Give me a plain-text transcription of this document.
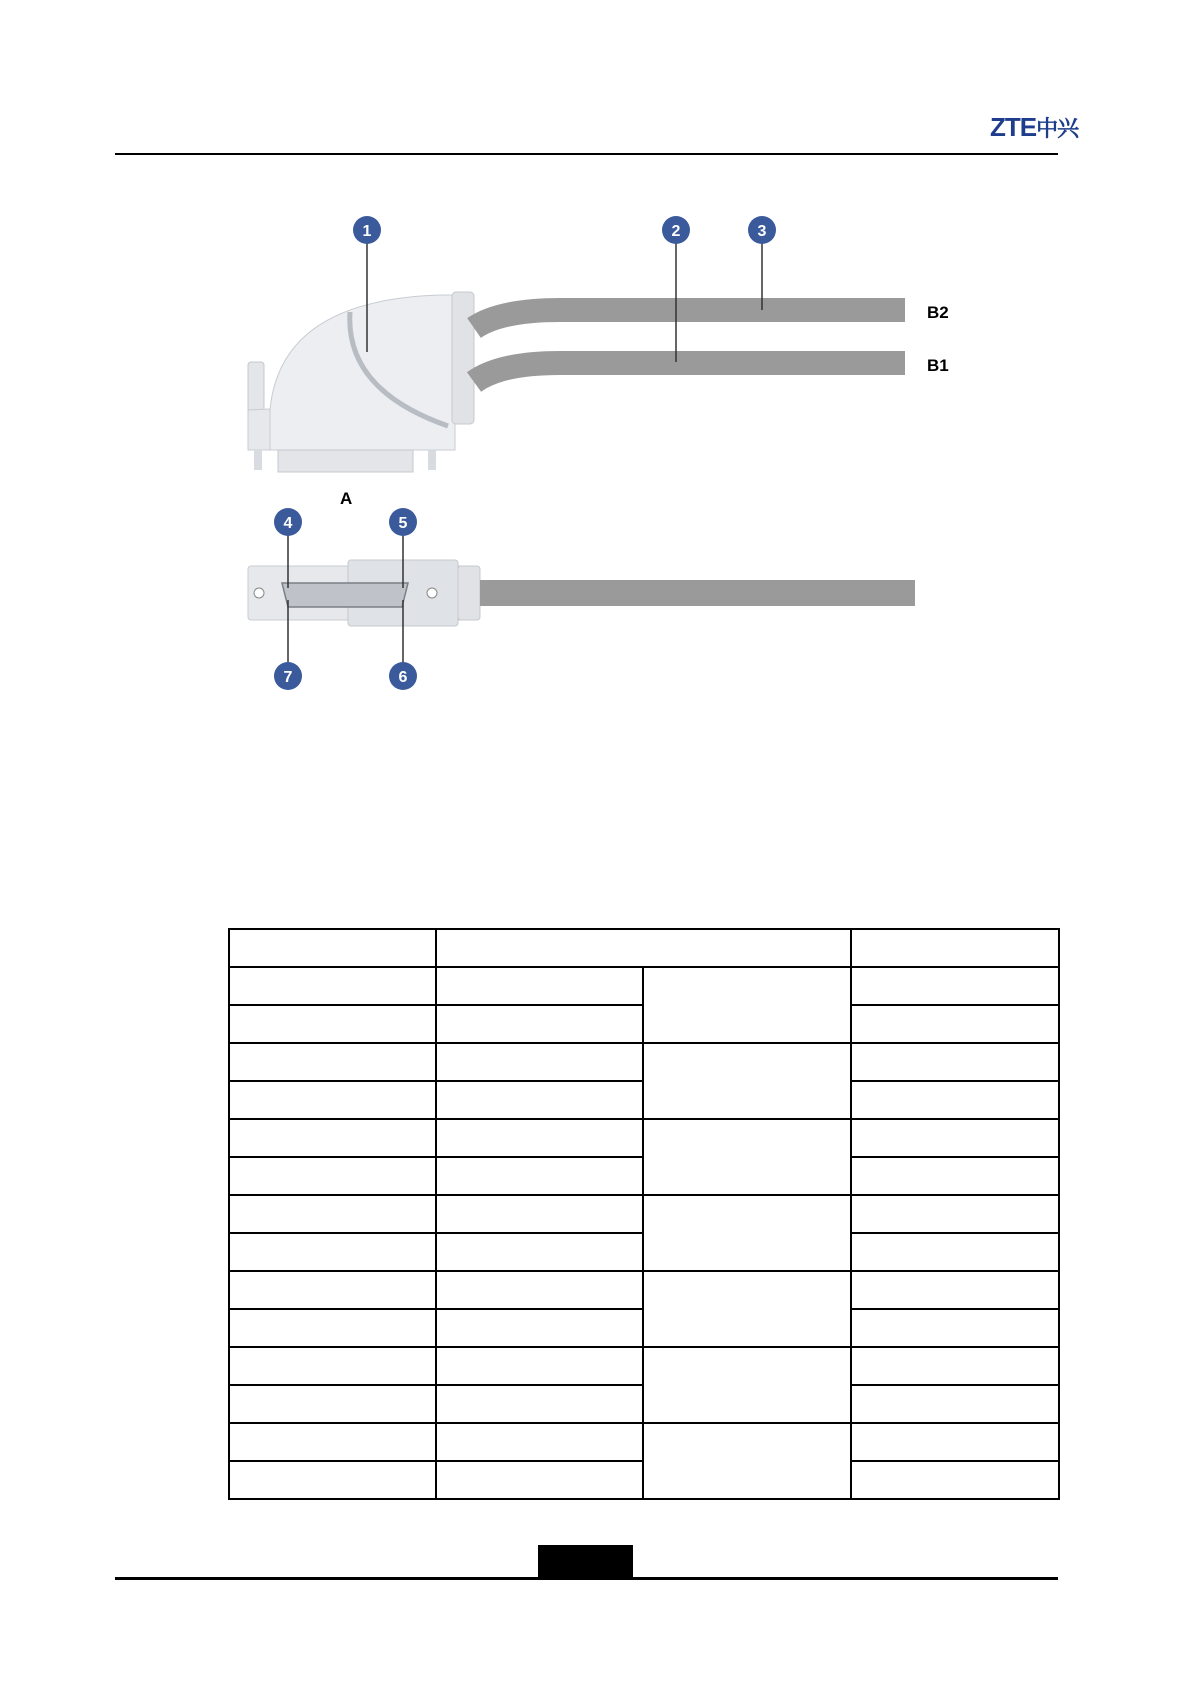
ZTE中兴
1	2	3
B2
B1
A
4	5
6
7
